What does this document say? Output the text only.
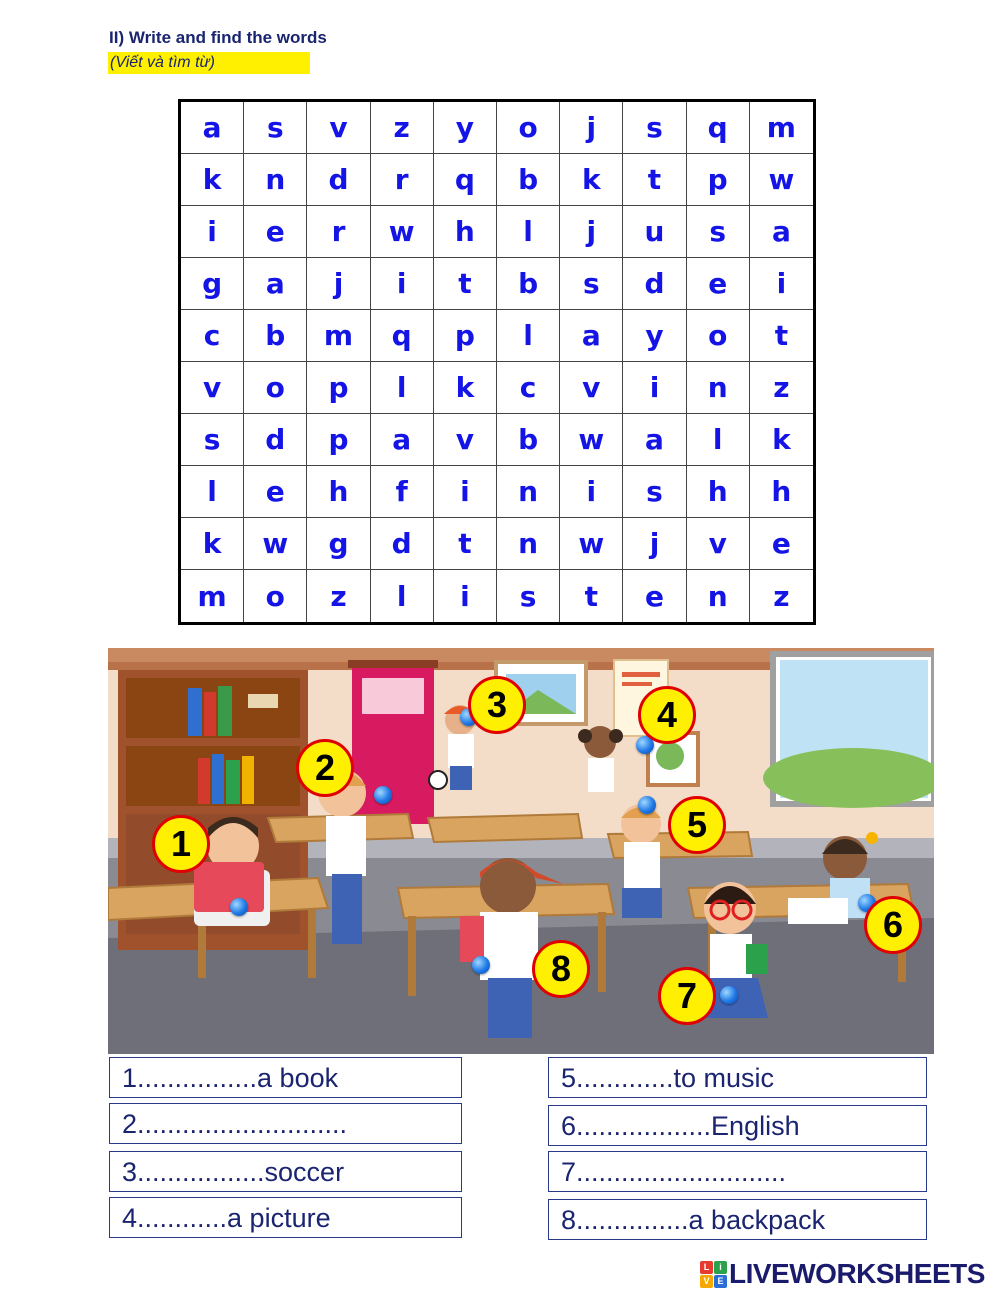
II) Write and find the words
(Viết và tìm từ)
a	s	v	z	y	o	j	s	q	m
k	n	d	r	q	b	k	t	p	w
i	e	r	w	h	l	j	u	s	a
g	a	j	i	t	b	s	d	e	i
c	b	m	q	p	l	a	y	o	t
v	o	p	l	k	c	v	i	n	z
s	d	p	a	v	b	w	a	l	k
l	e	h	f	i	n	i	s	h	h
k	w	g	d	t	n	w	j	v	e
m	o	z	l	i	s	t	e	n	z
1
2
3	4
5
6
7
8
1................a book
2............................
3.................soccer
4............a picture
5.............to music
6..................English
7............................
8...............a backpack
L	i
V E LIVEWORKSHEETS
